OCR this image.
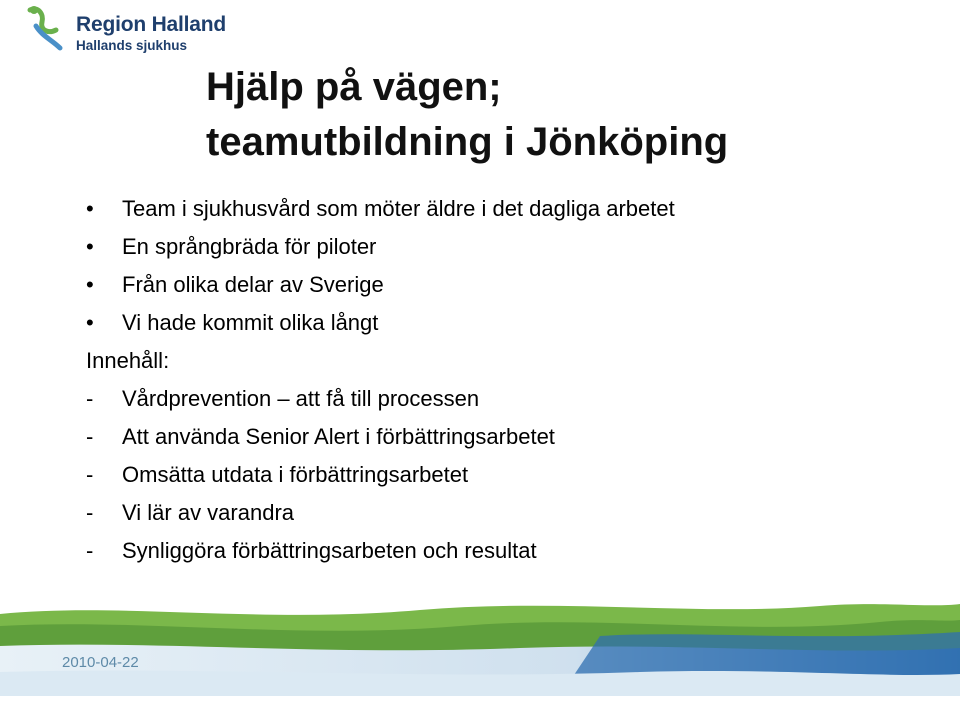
Region Halland
Hallands sjukhus
Hjälp på vägen;
teamutbildning i Jönköping
• Team i sjukhusvård som möter äldre i det dagliga arbetet
• En språngbräda för piloter
• Från olika delar av Sverige
• Vi hade kommit olika långt
Innehåll:
- Vårdprevention – att få till processen
- Att använda Senior Alert i förbättringsarbetet
- Omsätta utdata i förbättringsarbetet
- Vi lär av varandra
- Synliggöra förbättringsarbeten och resultat
2010-04-22
